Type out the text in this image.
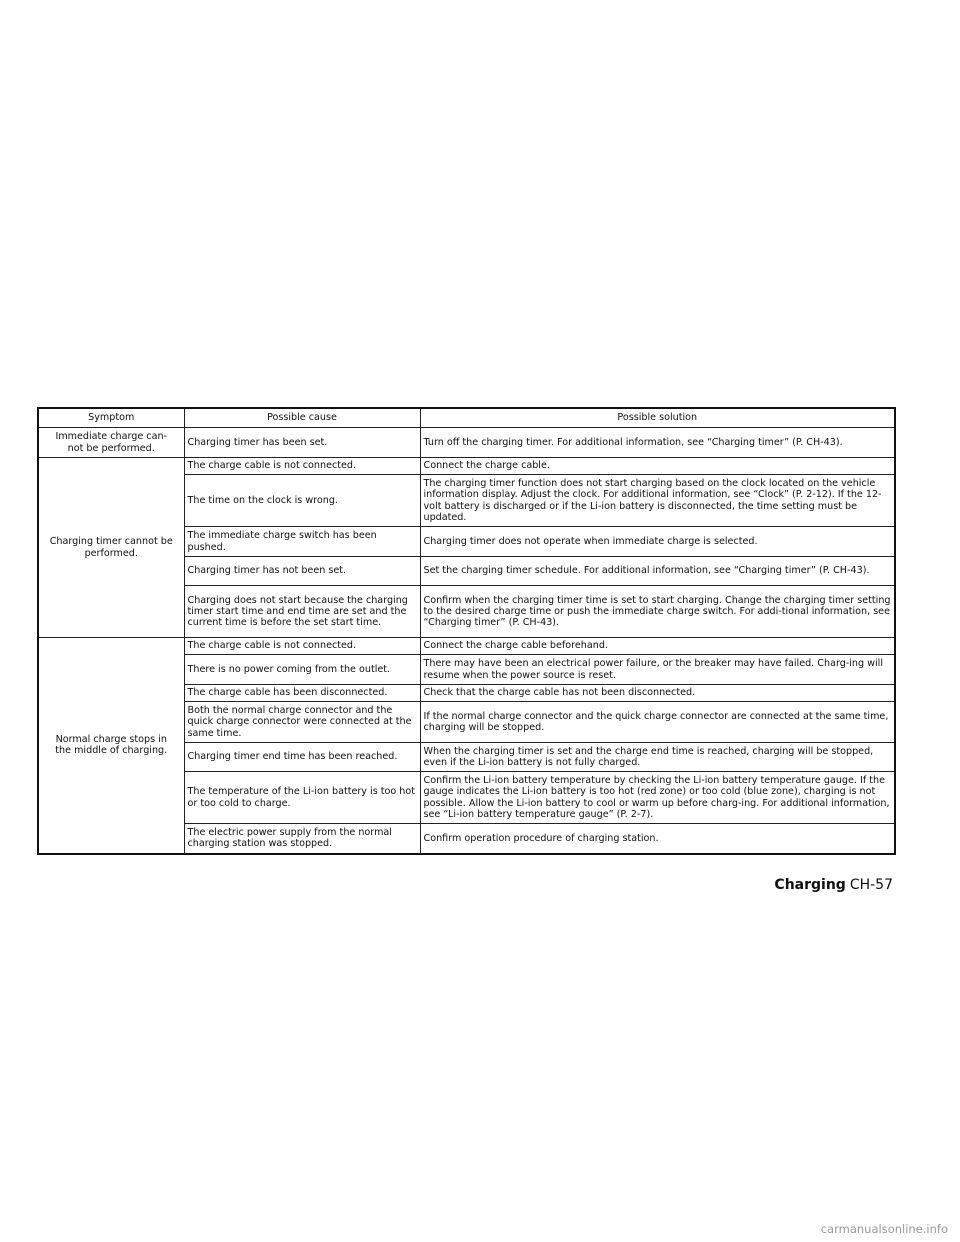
Symptom	Possible cause	Possible solution
Immediate charge can-
not be performed.	Charging timer has been set.	Turn off the charging timer. For additional information, see “Charging timer” (P. CH-43).
Charging timer cannot be
performed.	The charge cable is not connected.	Connect the charge cable.
	The time on the clock is wrong.	The charging timer function does not start charging based on the clock located on the vehicle information display. Adjust the clock. For additional information, see “Clock” (P. 2-12). If the 12-volt battery is discharged or if the Li-ion battery is disconnected, the time setting must be updated.
	The immediate charge switch has been pushed.	Charging timer does not operate when immediate charge is selected.
	Charging timer has not been set.	Set the charging timer schedule. For additional information, see “Charging timer” (P. CH-43).
	Charging does not start because the charging timer start time and end time are set and the current time is before the set start time.	Confirm when the charging timer time is set to start charging. Change the charging timer setting to the desired charge time or push the immediate charge switch. For addi-tional information, see “Charging timer” (P. CH-43).
Normal charge stops in
the middle of charging.	The charge cable is not connected.	Connect the charge cable beforehand.
	There is no power coming from the outlet.	There may have been an electrical power failure, or the breaker may have failed. Charg-ing will resume when the power source is reset.
	The charge cable has been disconnected.	Check that the charge cable has not been disconnected.
	Both the normal charge connector and the quick charge connector were connected at the same time.	If the normal charge connector and the quick charge connector are connected at the same time, charging will be stopped.
	Charging timer end time has been reached.	When the charging timer is set and the charge end time is reached, charging will be stopped, even if the Li-ion battery is not fully charged.
	The temperature of the Li-ion battery is too hot or too cold to charge.	Confirm the Li-ion battery temperature by checking the Li-ion battery temperature gauge. If the gauge indicates the Li-ion battery is too hot (red zone) or too cold (blue zone), charging is not possible. Allow the Li-ion battery to cool or warm up before charg-ing. For additional information, see “Li-ion battery temperature gauge” (P. 2-7).
	The electric power supply from the normal charging station was stopped.	Confirm operation procedure of charging station.
Charging CH-57
carmanualsonline.info
